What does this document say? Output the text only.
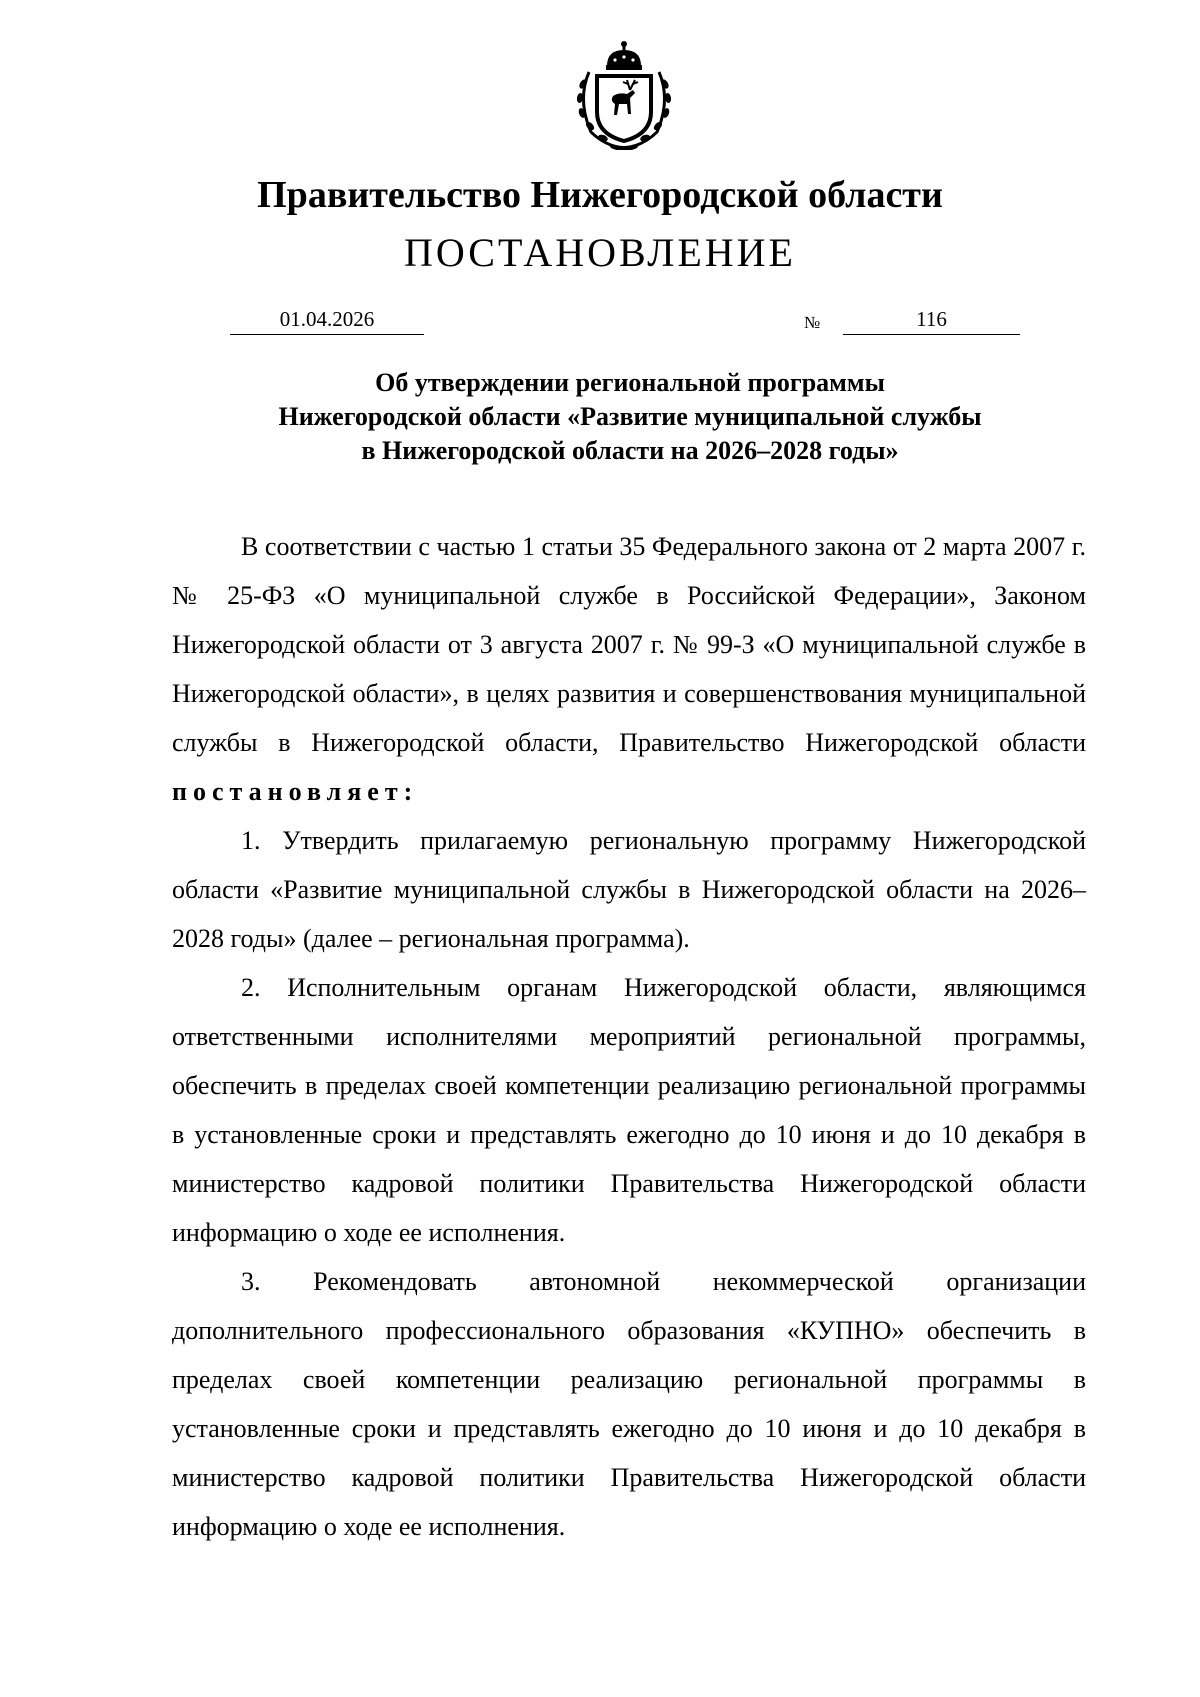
Правительство Нижегородской области
ПОСТАНОВЛЕНИЕ
01.04.2026	№	116
Об утверждении региональной программы
Нижегородской области «Развитие муниципальной службы
в Нижегородской области на 2026–2028 годы»

В соответствии с частью 1 статьи 35 Федерального закона от 2 марта 2007 г. № 25-ФЗ «О муниципальной службе в Российской Федерации», Законом Нижегородской области от 3 августа 2007 г. № 99-З «О муниципальной службе в Нижегородской области», в целях развития и совершенствования муниципальной службы в Нижегородской области, Правительство Нижегородской области постановляет:

1. Утвердить прилагаемую региональную программу Нижегородской области «Развитие муниципальной службы в Нижегородской области на 2026–2028 годы» (далее – региональная программа).

2. Исполнительным органам Нижегородской области, являющимся ответственными исполнителями мероприятий региональной программы, обеспечить в пределах своей компетенции реализацию региональной программы в установленные сроки и представлять ежегодно до 10 июня и до 10 декабря в министерство кадровой политики Правительства Нижегородской области информацию о ходе ее исполнения.

3. Рекомендовать автономной некоммерческой организации дополнительного профессионального образования «КУПНО» обеспечить в пределах своей компетенции реализацию региональной программы в установленные сроки и представлять ежегодно до 10 июня и до 10 декабря в министерство кадровой политики Правительства Нижегородской области информацию о ходе ее исполнения.
